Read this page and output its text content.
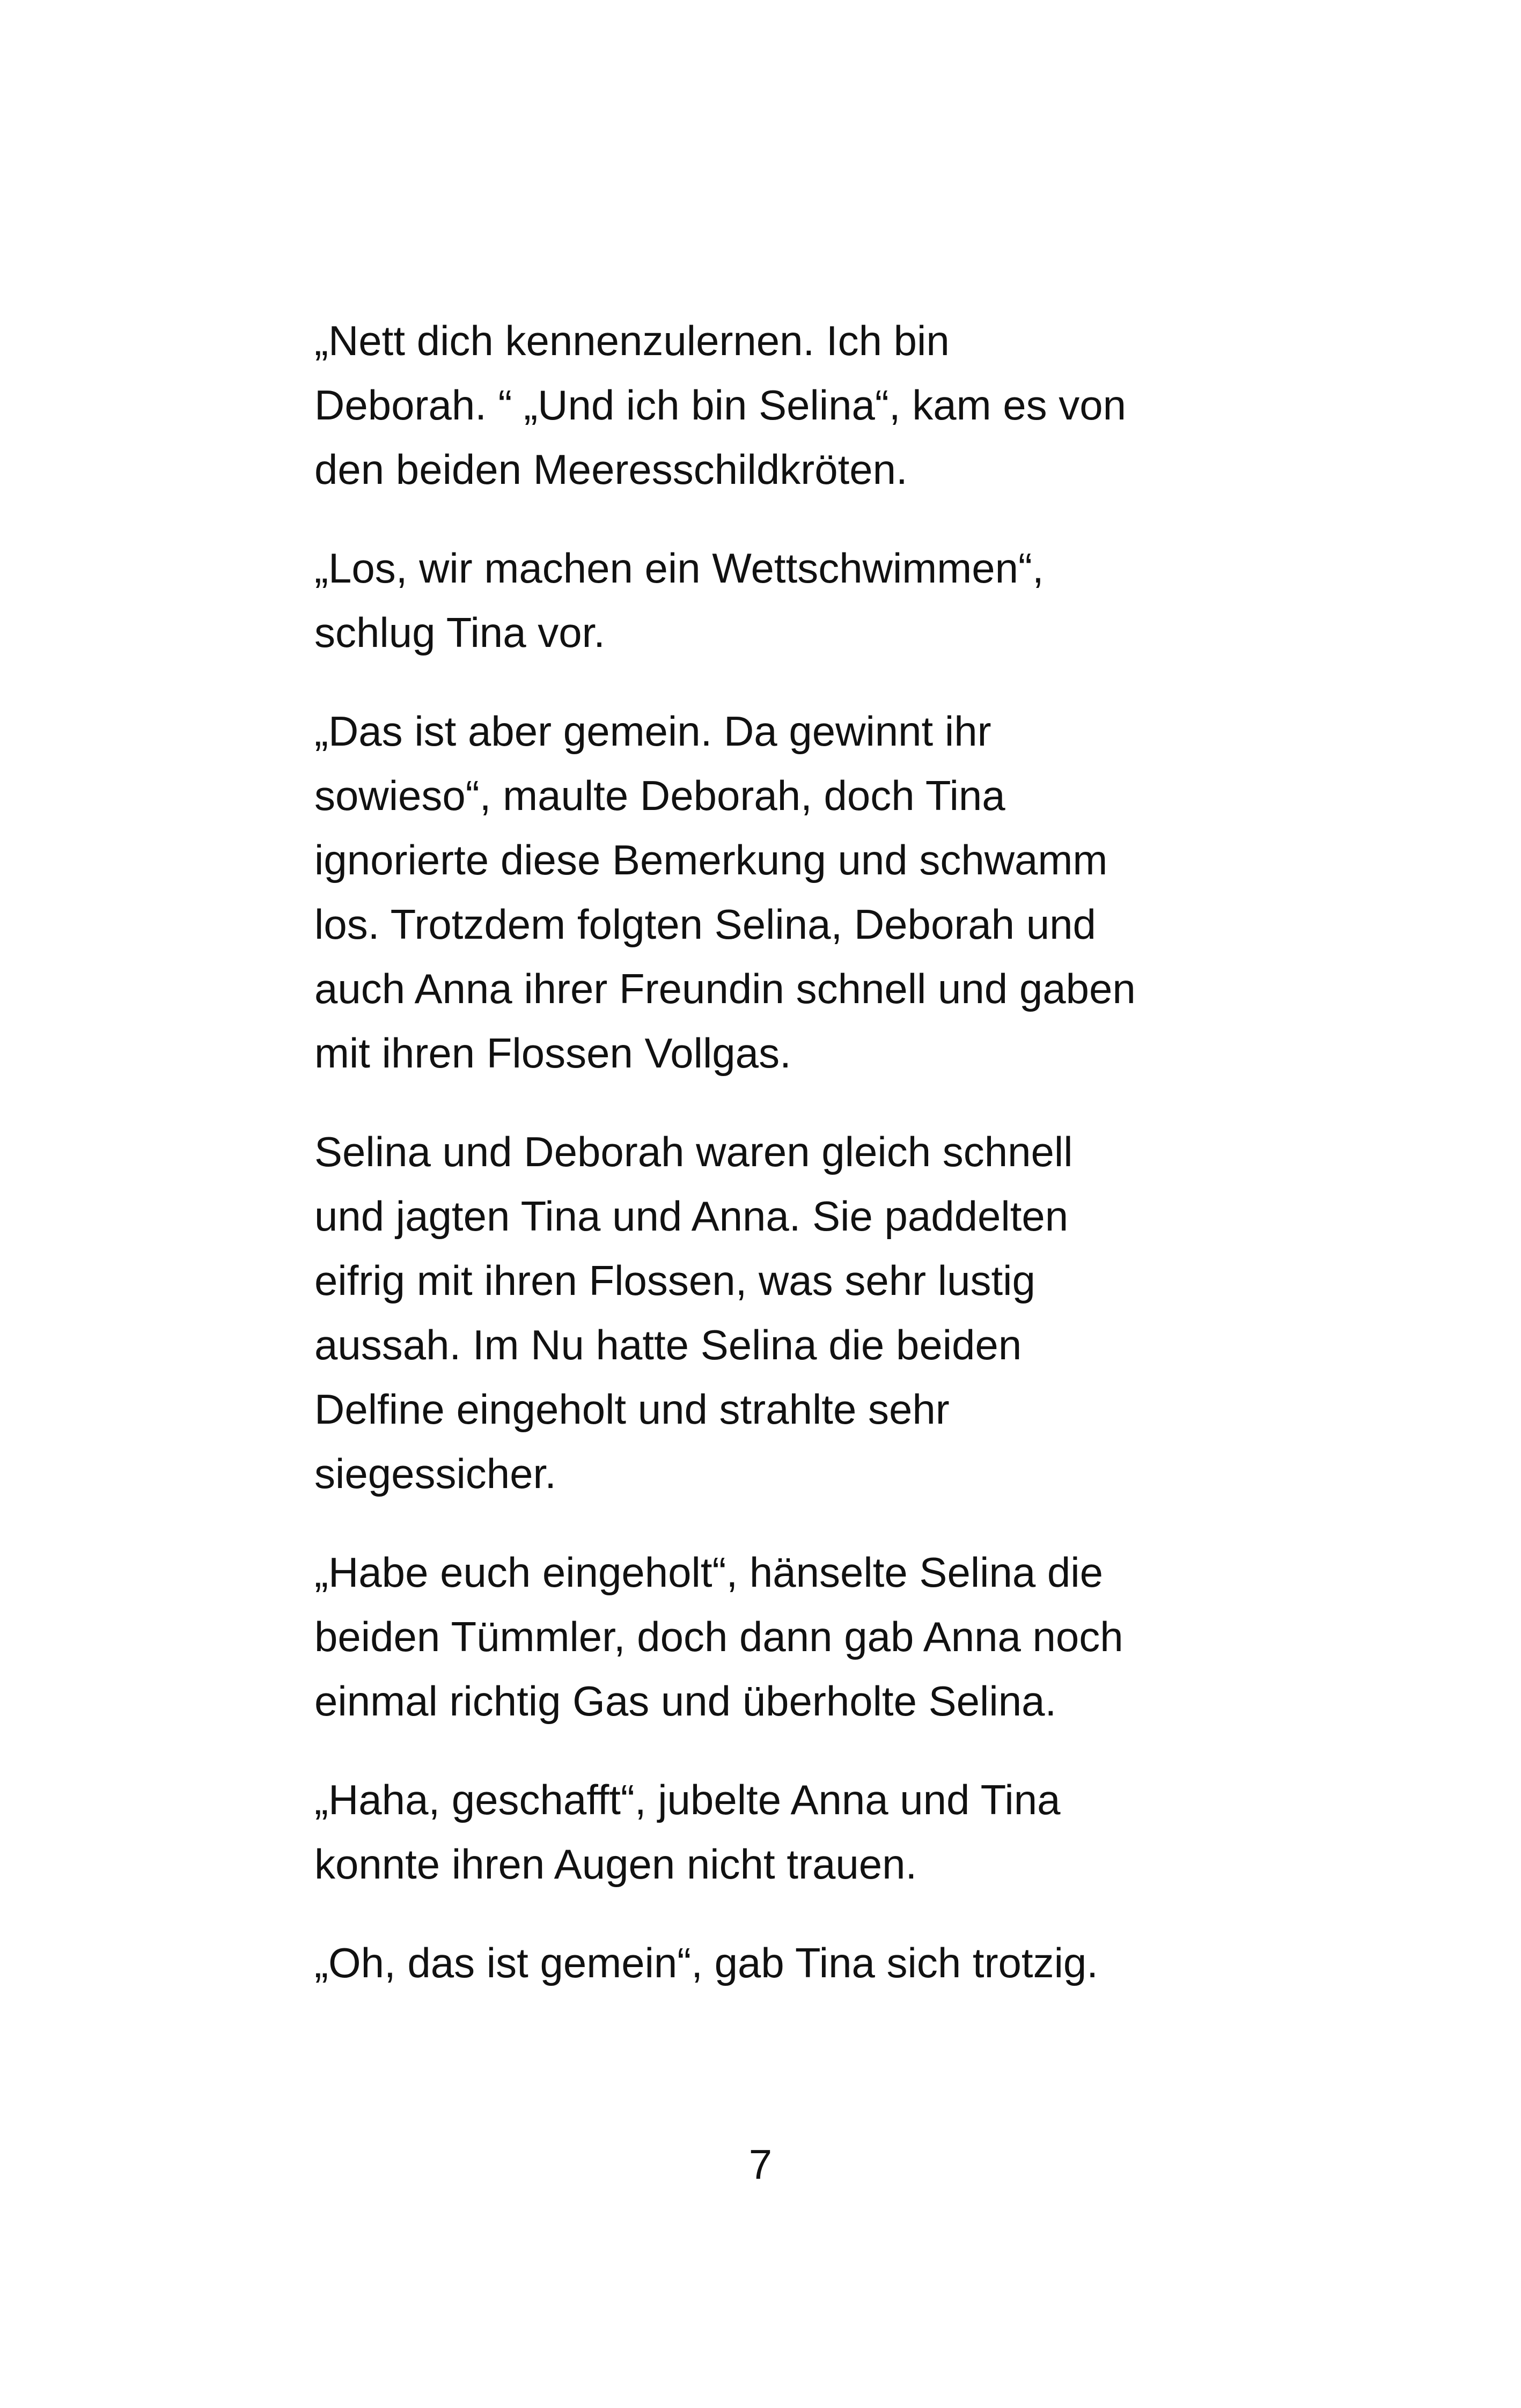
„Nett dich kennenzulernen. Ich bin
Deborah. “ „Und ich bin Selina“, kam es von
den beiden Meeresschildkröten.

„Los, wir machen ein Wettschwimmen“,
schlug Tina vor.

„Das ist aber gemein. Da gewinnt ihr
sowieso“, maulte Deborah, doch Tina
ignorierte diese Bemerkung und schwamm
los. Trotzdem folgten Selina, Deborah und
auch Anna ihrer Freundin schnell und gaben
mit ihren Flossen Vollgas.

Selina und Deborah waren gleich schnell
und jagten Tina und Anna. Sie paddelten
eifrig mit ihren Flossen, was sehr lustig
aussah. Im Nu hatte Selina die beiden
Delfine eingeholt und strahlte sehr
siegessicher.

„Habe euch eingeholt“, hänselte Selina die
beiden Tümmler, doch dann gab Anna noch
einmal richtig Gas und überholte Selina.

„Haha, geschafft“, jubelte Anna und Tina
konnte ihren Augen nicht trauen.

„Oh, das ist gemein“, gab Tina sich trotzig.

7
